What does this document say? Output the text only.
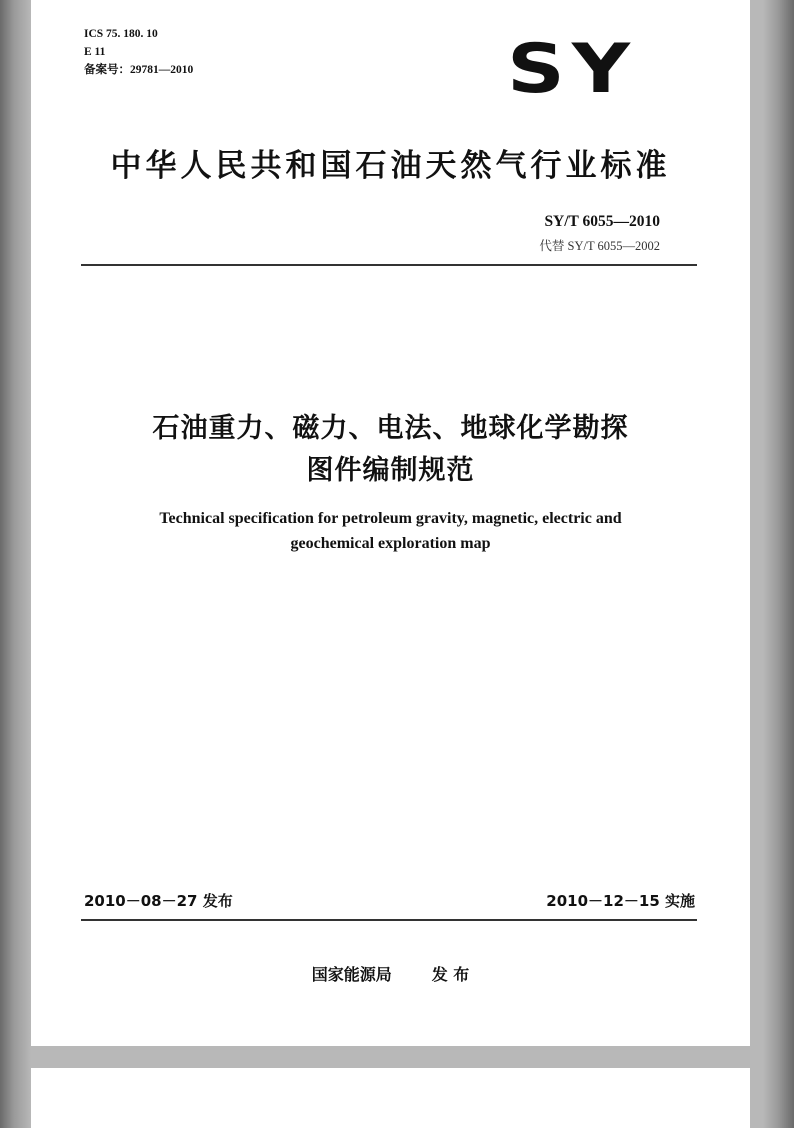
ICS 75. 180. 10
E 11
备案号：29781—2010	SY
中华人民共和国石油天然气行业标准
SY/T 6055—2010
代替 SY/T 6055—2002
石油重力、磁力、电法、地球化学勘探
图件编制规范
Technical specification for petroleum gravity, magnetic, electric and
geochemical exploration map
2010－08－27 发布	2010－12－15 实施
国家能源局	发 布
